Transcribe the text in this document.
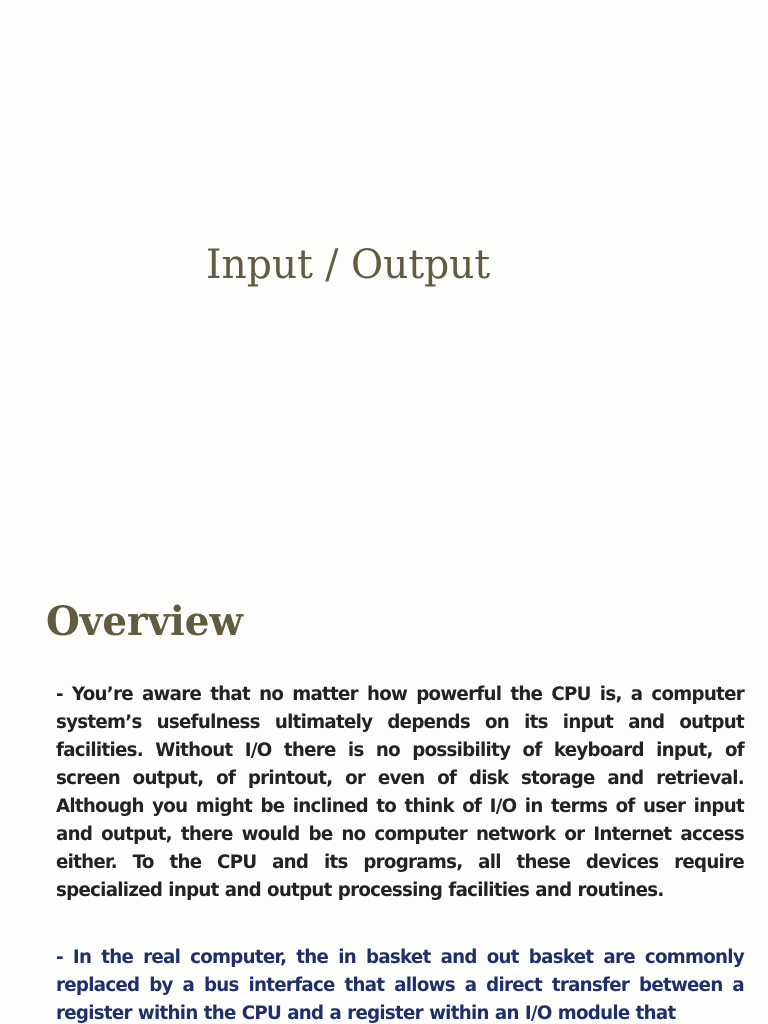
Input / Output
Overview

- You’re aware that no matter how powerful the CPU is, a computer system’s usefulness ultimately depends on its input and output facilities. Without I/O there is no possibility of keyboard input, of screen output, of printout, or even of disk storage and retrieval. Although you might be inclined to think of I/O in terms of user input and output, there would be no computer network or Internet access either. To the CPU and its programs, all these devices require specialized input and output processing facilities and routines.

- In the real computer, the in basket and out basket are commonly replaced by a bus interface that allows a direct transfer between a register within the CPU and a register within an I/O module that
